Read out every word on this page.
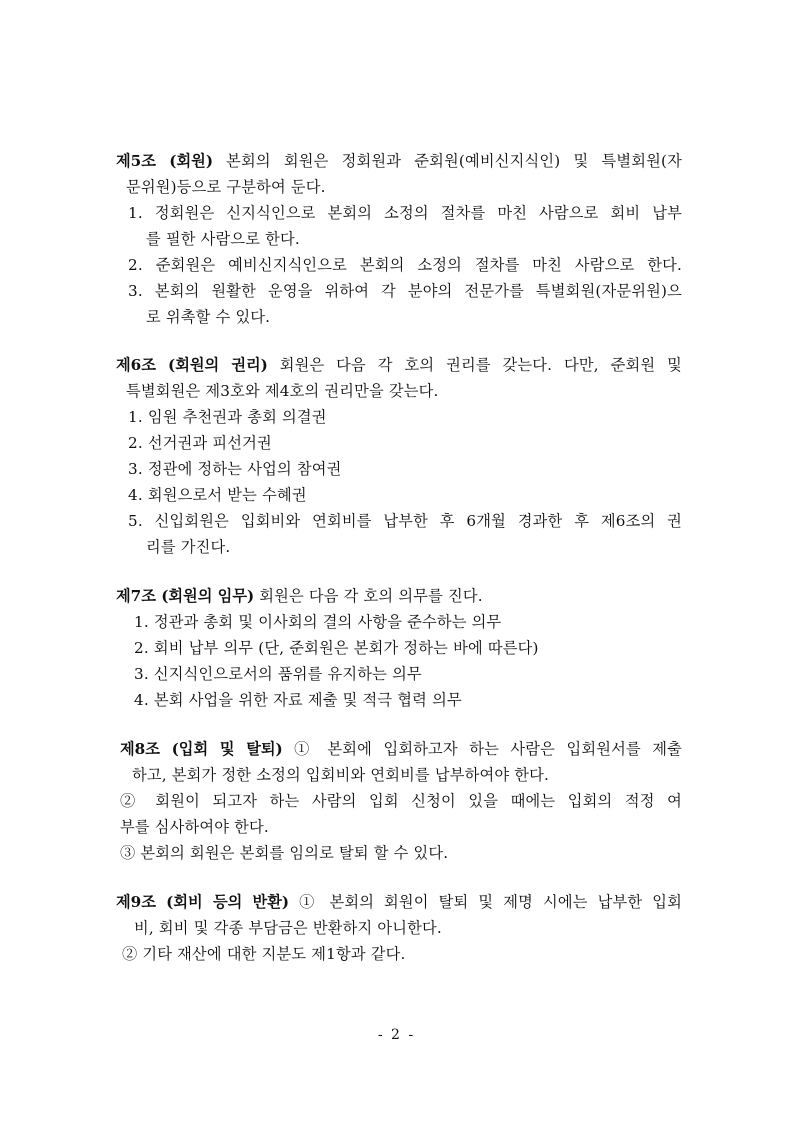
제5조 (회원) 본회의 회원은 정회원과 준회원(예비신지식인) 및 특별회원(자
문위원)등으로 구분하여 둔다.
1. 정회원은 신지식인으로 본회의 소정의 절차를 마친 사람으로 회비 납부
를 필한 사람으로 한다.
2. 준회원은 예비신지식인으로 본회의 소정의 절차를 마친 사람으로 한다.
3. 본회의 원활한 운영을 위하여 각 분야의 전문가를 특별회원(자문위원)으
로 위촉할 수 있다.
제6조 (회원의 권리) 회원은 다음 각 호의 권리를 갖는다. 다만, 준회원 및
특별회원은 제3호와 제4호의 권리만을 갖는다.
1. 임원 추천권과 총회 의결권
2. 선거권과 피선거권
3. 정관에 정하는 사업의 참여권
4. 회원으로서 받는 수혜권
5. 신입회원은 입회비와 연회비를 납부한 후 6개월 경과한 후 제6조의 권
리를 가진다.
제7조 (회원의 임무) 회원은 다음 각 호의 의무를 진다.
1. 정관과 총회 및 이사회의 결의 사항을 준수하는 의무
2. 회비 납부 의무 (단, 준회원은 본회가 정하는 바에 따른다)
3. 신지식인으로서의 품위를 유지하는 의무
4. 본회 사업을 위한 자료 제출 및 적극 협력 의무
제8조 (입회 및 탈퇴) ① 본회에 입회하고자 하는 사람은 입회원서를 제출
하고, 본회가 정한 소정의 입회비와 연회비를 납부하여야 한다.
② 회원이 되고자 하는 사람의 입회 신청이 있을 때에는 입회의 적정 여
부를 심사하여야 한다.
③ 본회의 회원은 본회를 임의로 탈퇴 할 수 있다.
제9조 (회비 등의 반환) ① 본회의 회원이 탈퇴 및 제명 시에는 납부한 입회
비, 회비 및 각종 부담금은 반환하지 아니한다.
② 기타 재산에 대한 지분도 제1항과 같다.
- 2 -
